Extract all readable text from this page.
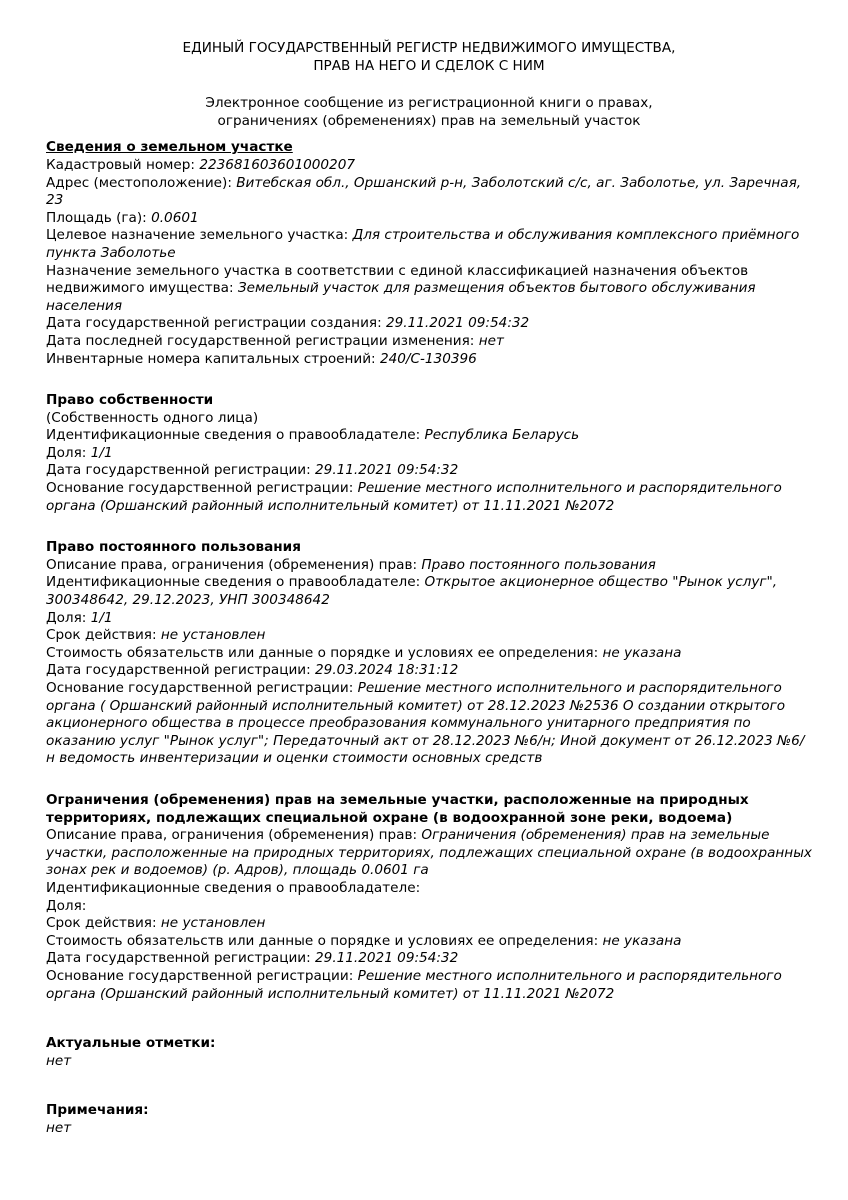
ЕДИНЫЙ ГОСУДАРСТВЕННЫЙ РЕГИСТР НЕДВИЖИМОГО ИМУЩЕСТВА,

ПРАВ НА НЕГО И СДЕЛОК С НИМ

Электронное сообщение из регистрационной книги о правах,

ограничениях (обременениях) прав на земельный участок

Сведения о земельном участке

Кадастровый номер: 223681603601000207

Адрес (местоположение): Витебская обл., Оршанский р-н, Заболотский с/с, аг. Заболотье, ул. Заречная, 23

Площадь (га): 0.0601

Целевое назначение земельного участка: Для строительства и обслуживания комплексного приёмного пункта Заболотье

Назначение земельного участка в соответствии с единой классификацией назначения объектов недвижимого имущества: Земельный участок для размещения объектов бытового обслуживания населения

Дата государственной регистрации создания: 29.11.2021 09:54:32

Дата последней государственной регистрации изменения: нет

Инвентарные номера капитальных строений: 240/С-130396

Право собственности

(Собственность одного лица)

Идентификационные сведения о правообладателе: Республика Беларусь

Доля: 1/1

Дата государственной регистрации: 29.11.2021 09:54:32

Основание государственной регистрации: Решение местного исполнительного и распорядительного органа (Оршанский районный исполнительный комитет) от 11.11.2021 №2072

Право постоянного пользования

Описание права, ограничения (обременения) прав: Право постоянного пользования

Идентификационные сведения о правообладателе: Открытое акционерное общество "Рынок услуг", 300348642, 29.12.2023, УНП 300348642

Доля: 1/1

Срок действия: не установлен

Стоимость обязательств или данные о порядке и условиях ее определения: не указана

Дата государственной регистрации: 29.03.2024 18:31:12

Основание государственной регистрации: Решение местного исполнительного и распорядительного органа ( Оршанский районный исполнительный комитет) от 28.12.2023 №2536 О создании открытого акционерного общества в процессе преобразования коммунального унитарного предприятия по оказанию услуг "Рынок услуг"; Передаточный акт от 28.12.2023 №6/н; Иной документ от 26.12.2023 №6/н ведомость инвентеризации и оценки стоимости основных средств

Ограничения (обременения) прав на земельные участки, расположенные на природных территориях, подлежащих специальной охране (в водоохранной зоне реки, водоема)

Описание права, ограничения (обременения) прав: Ограничения (обременения) прав на земельные участки, расположенные на природных территориях, подлежащих специальной охране (в водоохранных зонах рек и водоемов) (р. Адров), площадь 0.0601 га

Идентификационные сведения о правообладателе:

Доля:

Срок действия: не установлен

Стоимость обязательств или данные о порядке и условиях ее определения: не указана

Дата государственной регистрации: 29.11.2021 09:54:32

Основание государственной регистрации: Решение местного исполнительного и распорядительного органа (Оршанский районный исполнительный комитет) от 11.11.2021 №2072

Актуальные отметки:

нет

Примечания:

нет
